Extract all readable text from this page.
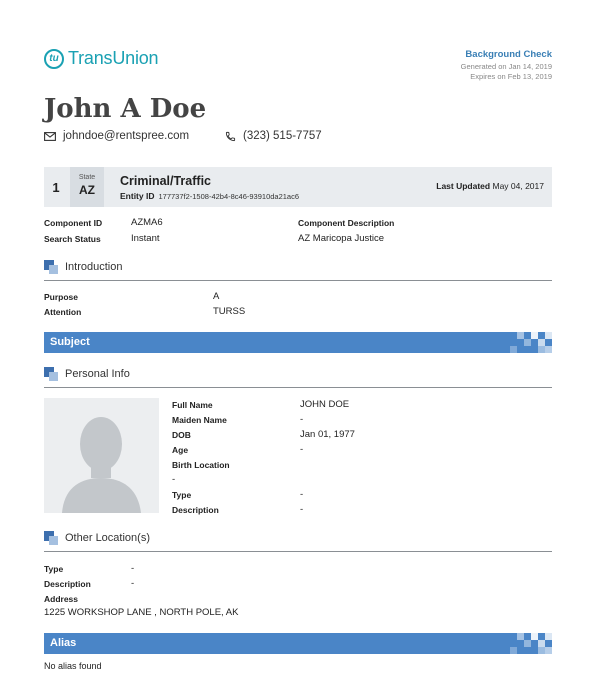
tu TransUnion	Background Check
Generated on Jan 14, 2019
Expires on Feb 13, 2019
John A Doe
johndoe@rentspree.com	(323) 515-7757
1
State
AZ
Criminal/Traffic
Entity ID 177737f2-1508-42b4-8c46-93910da21ac6
Last Updated May 04, 2017
Component ID	AZMA6	Component Description
Search Status	Instant	AZ Maricopa Justice
Introduction
Purpose	A
Attention	TURSS
Subject
Personal Info
Full Name	JOHN DOE
Maiden Name	-
DOB	Jan 01, 1977
Age	-
Birth Location
-
Type	-
Description	-
Other Location(s)
Type	-
Description	-
Address
1225 WORKSHOP LANE , NORTH POLE, AK
Alias
No alias found
